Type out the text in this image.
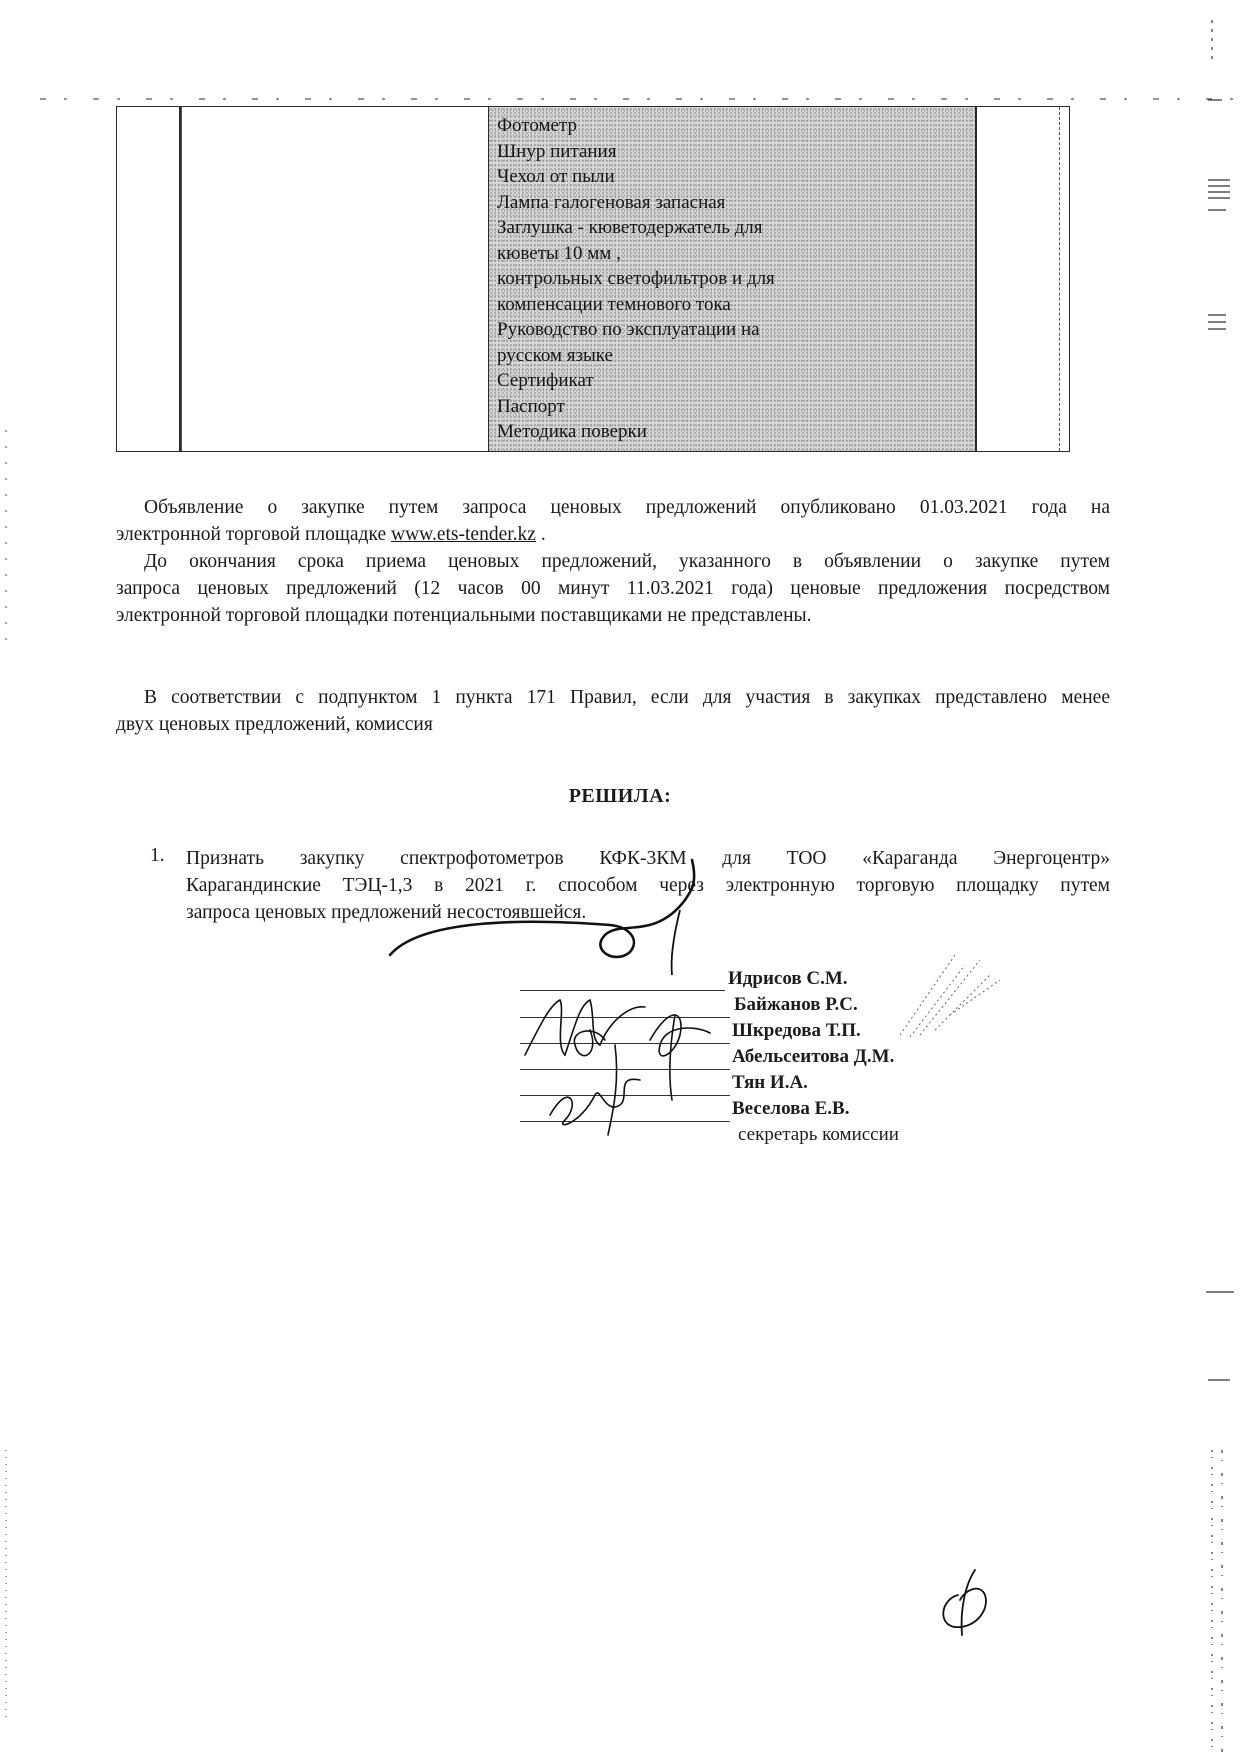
Фотометр
Шнур питания
Чехол от пыли
Лампа галогеновая запасная
Заглушка - кюветодержатель для
кюветы 10 мм ,
контрольных светофильтров и для
компенсации темнового тока
Руководство по эксплуатации на
русском языке
Сертификат
Паспорт
Методика поверки

Объявление о закупке путем запроса ценовых предложений опубликовано 01.03.2021 года на
электронной торговой площадке www.ets-tender.kz .

До окончания срока приема ценовых предложений, указанного в объявлении о закупке путем
запроса ценовых предложений (12 часов 00 минут 11.03.2021 года) ценовые предложения посредством
электронной торговой площадки потенциальными поставщиками не представлены.

В соответствии с подпунктом 1 пункта 171 Правил, если для участия в закупках представлено менее
двух ценовых предложений, комиссия

РЕШИЛА:
1. Признать закупку спектрофотометров КФК-3КМ для ТОО «Караганда Энергоцентр»
Карагандинские ТЭЦ-1,3 в 2021 г. способом через электронную торговую площадку путем
запроса ценовых предложений несостоявшейся.

Идрисов С.М.
Байжанов Р.С.
Шкредова Т.П.
Абельсеитова Д.М.
Тян И.А.
Веселова Е.В.
секретарь комиссии
